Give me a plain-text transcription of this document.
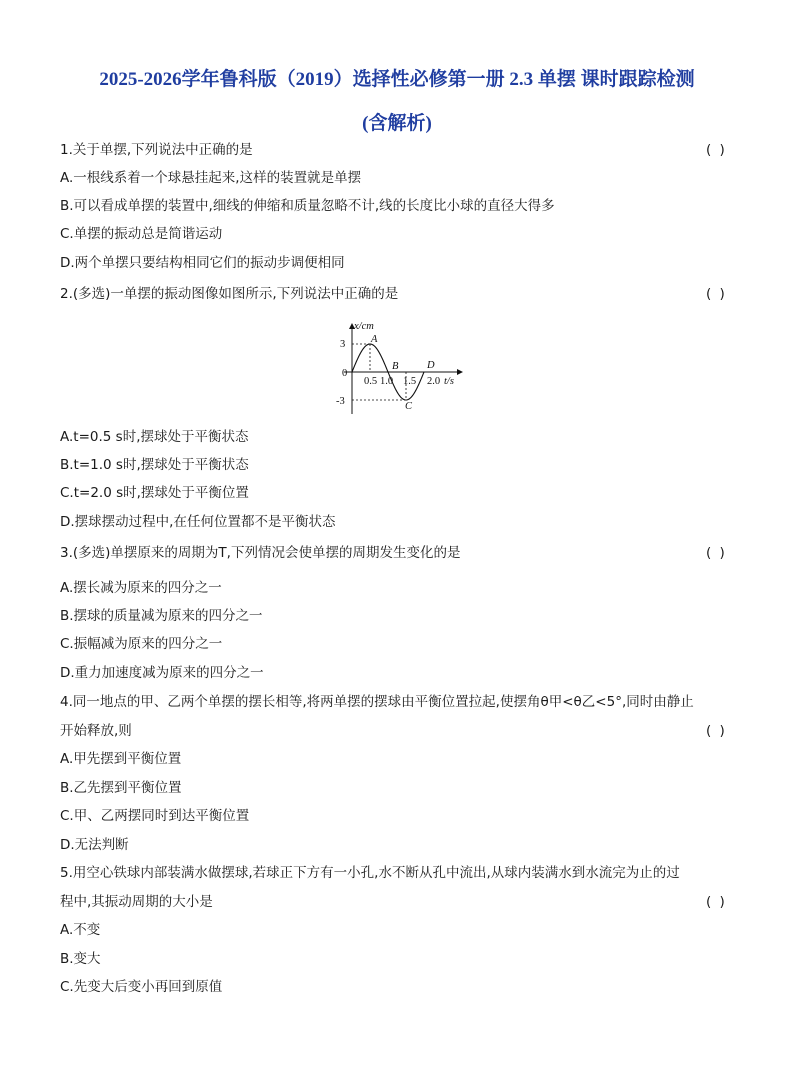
2025-2026学年鲁科版（2019）选择性必修第一册 2.3 单摆 课时跟踪检测
(含解析)
1.关于单摆,下列说法中正确的是	( )
A.一根线系着一个球悬挂起来,这样的装置就是单摆
B.可以看成单摆的装置中,细线的伸缩和质量忽略不计,线的长度比小球的直径大得多
C.单摆的振动总是简谐运动
D.两个单摆只要结构相同它们的振动步调便相同
2.(多选)一单摆的振动图像如图所示,下列说法中正确的是	( )
x/cm
t/s
3
0
-3
0.5 1.0 1.5 2.0
A
B
C
D
A.t=0.5 s时,摆球处于平衡状态
B.t=1.0 s时,摆球处于平衡状态
C.t=2.0 s时,摆球处于平衡位置
D.摆球摆动过程中,在任何位置都不是平衡状态
3.(多选)单摆原来的周期为T,下列情况会使单摆的周期发生变化的是	( )
A.摆长减为原来的四分之一
B.摆球的质量减为原来的四分之一
C.振幅减为原来的四分之一
D.重力加速度减为原来的四分之一
4.同一地点的甲、乙两个单摆的摆长相等,将两单摆的摆球由平衡位置拉起,使摆角θ甲<θ乙<5°,同时由静止
开始释放,则	( )
A.甲先摆到平衡位置
B.乙先摆到平衡位置
C.甲、乙两摆同时到达平衡位置
D.无法判断
5.用空心铁球内部装满水做摆球,若球正下方有一小孔,水不断从孔中流出,从球内装满水到水流完为止的过
程中,其振动周期的大小是	( )
A.不变
B.变大
C.先变大后变小再回到原值
